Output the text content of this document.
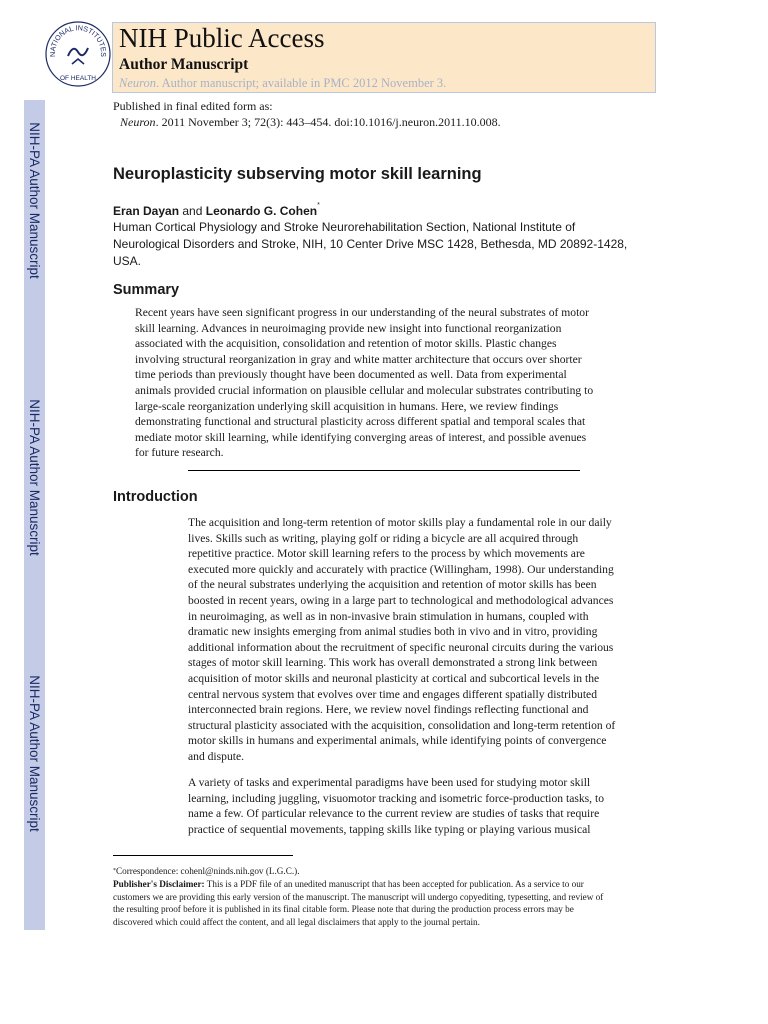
NATIONAL INSTITUTES
OF HEALTH
NIH Public Access
Author Manuscript
Neuron. Author manuscript; available in PMC 2012 November 3.
NIH-PA Author Manuscript
NIH-PA Author Manuscript
NIH-PA Author Manuscript
Published in final edited form as:
Neuron. 2011 November 3; 72(3): 443–454. doi:10.1016/j.neuron.2011.10.008.
Neuroplasticity subserving motor skill learning
Eran Dayan and Leonardo G. Cohen*
Human Cortical Physiology and Stroke Neurorehabilitation Section, National Institute of
Neurological Disorders and Stroke, NIH, 10 Center Drive MSC 1428, Bethesda, MD 20892-1428,
USA.
Summary
Recent years have seen significant progress in our understanding of the neural substrates of motor
skill learning. Advances in neuroimaging provide new insight into functional reorganization
associated with the acquisition, consolidation and retention of motor skills. Plastic changes
involving structural reorganization in gray and white matter architecture that occurs over shorter
time periods than previously thought have been documented as well. Data from experimental
animals provided crucial information on plausible cellular and molecular substrates contributing to
large-scale reorganization underlying skill acquisition in humans. Here, we review findings
demonstrating functional and structural plasticity across different spatial and temporal scales that
mediate motor skill learning, while identifying converging areas of interest, and possible avenues
for future research.
Introduction
The acquisition and long-term retention of motor skills play a fundamental role in our daily
lives. Skills such as writing, playing golf or riding a bicycle are all acquired through
repetitive practice. Motor skill learning refers to the process by which movements are
executed more quickly and accurately with practice (Willingham, 1998). Our understanding
of the neural substrates underlying the acquisition and retention of motor skills has been
boosted in recent years, owing in a large part to technological and methodological advances
in neuroimaging, as well as in non-invasive brain stimulation in humans, coupled with
dramatic new insights emerging from animal studies both in vivo and in vitro, providing
additional information about the recruitment of specific neuronal circuits during the various
stages of motor skill learning. This work has overall demonstrated a strong link between
acquisition of motor skills and neuronal plasticity at cortical and subcortical levels in the
central nervous system that evolves over time and engages different spatially distributed
interconnected brain regions. Here, we review novel findings reflecting functional and
structural plasticity associated with the acquisition, consolidation and long-term retention of
motor skills in humans and experimental animals, while identifying points of convergence
and dispute.
A variety of tasks and experimental paradigms have been used for studying motor skill
learning, including juggling, visuomotor tracking and isometric force-production tasks, to
name a few. Of particular relevance to the current review are studies of tasks that require
practice of sequential movements, tapping skills like typing or playing various musical
*Correspondence: cohenl@ninds.nih.gov (L.G.C.).
Publisher's Disclaimer: This is a PDF file of an unedited manuscript that has been accepted for publication. As a service to our
customers we are providing this early version of the manuscript. The manuscript will undergo copyediting, typesetting, and review of
the resulting proof before it is published in its final citable form. Please note that during the production process errors may be
discovered which could affect the content, and all legal disclaimers that apply to the journal pertain.
